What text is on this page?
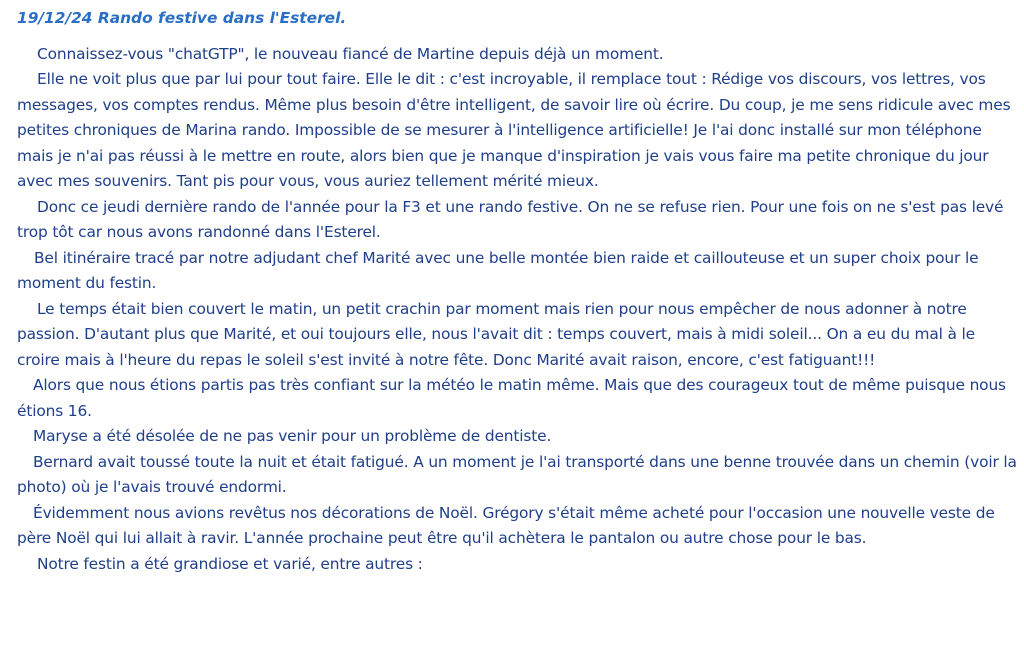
19/12/24 Rando festive dans l'Esterel.

Connaissez-vous "chatGTP", le nouveau fiancé de Martine depuis déjà un moment.

Elle ne voit plus que par lui pour tout faire. Elle le dit : c'est incroyable, il remplace tout : Rédige vos discours, vos lettres, vos messages, vos comptes rendus. Même plus besoin d'être intelligent, de savoir lire où écrire. Du coup, je me sens ridicule avec mes petites chroniques de Marina rando. Impossible de se mesurer à l'intelligence artificielle! Je l'ai donc installé sur mon téléphone mais je n'ai pas réussi à le mettre en route, alors bien que je manque d'inspiration je vais vous faire ma petite chronique du jour avec mes souvenirs. Tant pis pour vous, vous auriez tellement mérité mieux.

Donc ce jeudi dernière rando de l'année pour la F3 et une rando festive. On ne se refuse rien. Pour une fois on ne s'est pas levé trop tôt car nous avons randonné dans l'Esterel.

Bel itinéraire tracé par notre adjudant chef Marité avec une belle montée bien raide et caillouteuse et un super choix pour le moment du festin.

Le temps était bien couvert le matin, un petit crachin par moment mais rien pour nous empêcher de nous adonner à notre passion. D'autant plus que Marité, et oui toujours elle, nous l'avait dit : temps couvert, mais à midi soleil... On a eu du mal à le croire mais à l'heure du repas le soleil s'est invité à notre fête. Donc Marité avait raison, encore, c'est fatiguant!!!

Alors que nous étions partis pas très confiant sur la météo le matin même. Mais que des courageux tout de même puisque nous étions 16.

Maryse a été désolée de ne pas venir pour un problème de dentiste.

Bernard avait toussé toute la nuit et était fatigué. A un moment je l'ai transporté dans une benne trouvée dans un chemin (voir la photo) où je l'avais trouvé endormi.

Évidemment nous avions revêtus nos décorations de Noël. Grégory s'était même acheté pour l'occasion une nouvelle veste de père Noël qui lui allait à ravir. L'année prochaine peut être qu'il achètera le pantalon ou autre chose pour le bas.

Notre festin a été grandiose et varié, entre autres :
